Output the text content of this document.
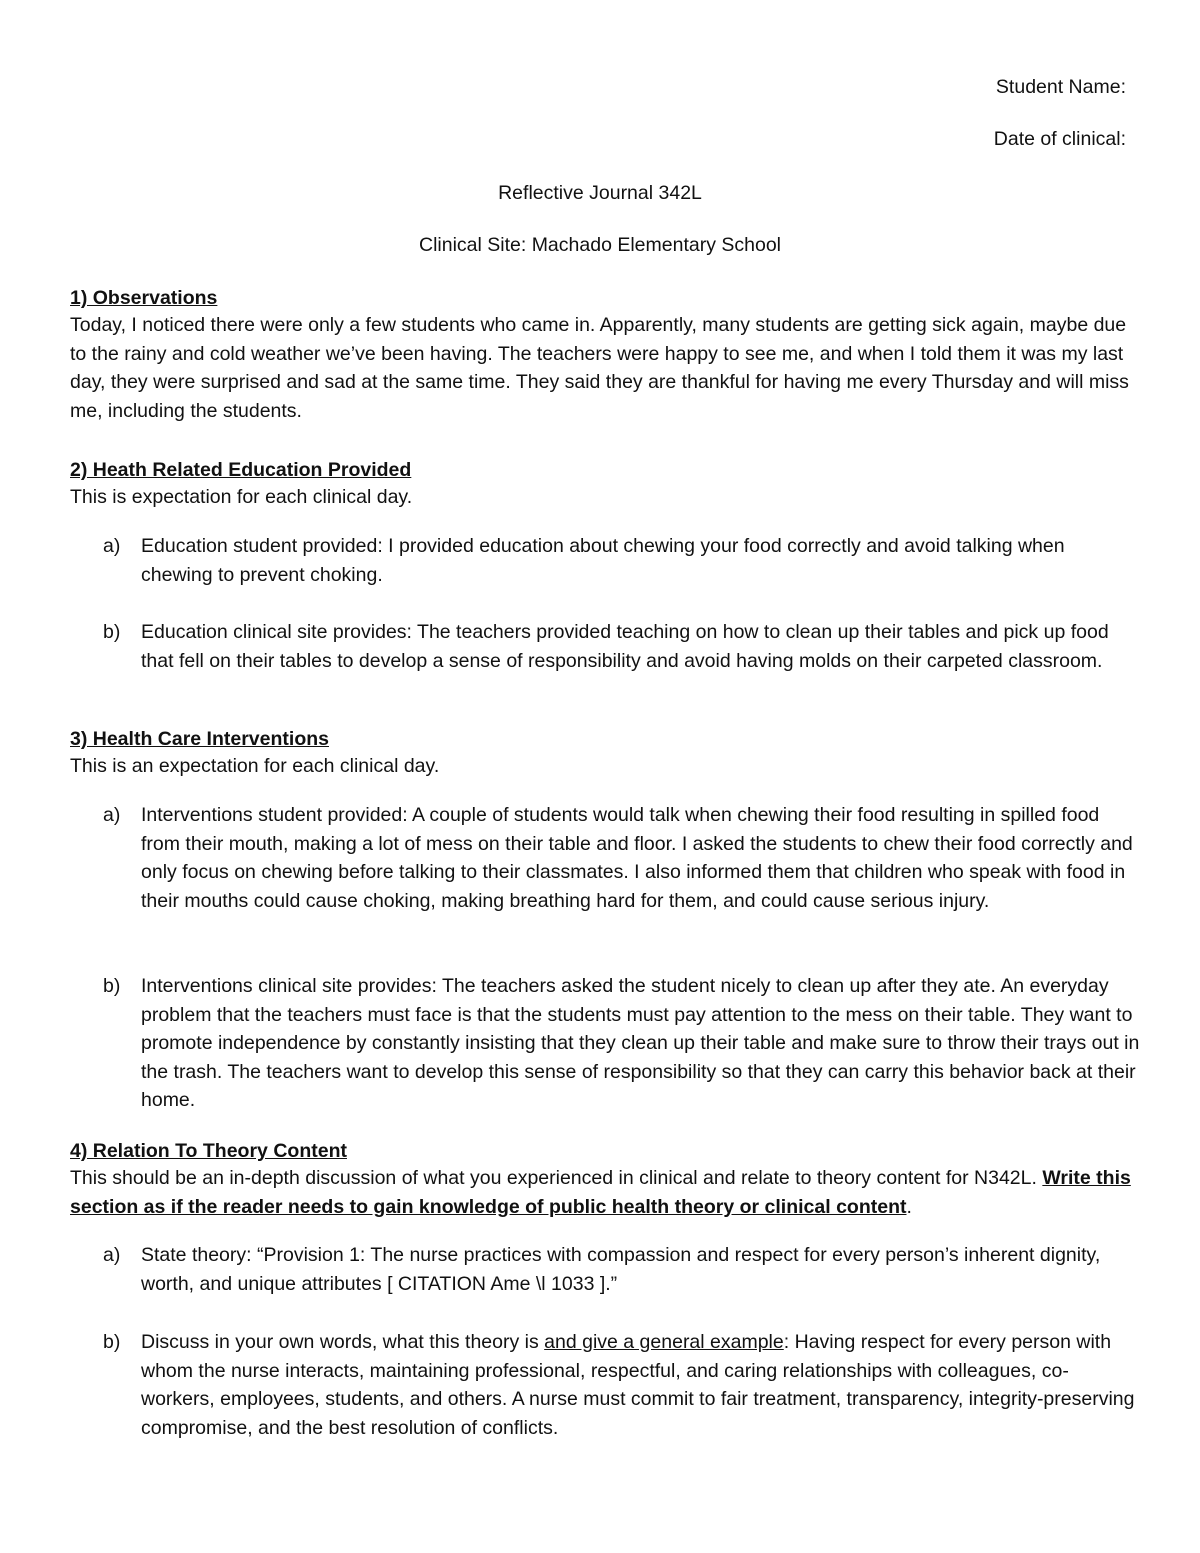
Student Name:
Date of clinical:
Reflective Journal 342L
Clinical Site: Machado Elementary School

1) Observations

Today, I noticed there were only a few students who came in. Apparently, many students are getting sick again, maybe due to the rainy and cold weather we’ve been having. The teachers were happy to see me, and when I told them it was my last day, they were surprised and sad at the same time. They said they are thankful for having me every Thursday and will miss me, including the students.

2) Heath Related Education Provided

This is expectation for each clinical day.

a) Education student provided: I provided education about chewing your food correctly and avoid talking when chewing to prevent choking.

b) Education clinical site provides: The teachers provided teaching on how to clean up their tables and pick up food that fell on their tables to develop a sense of responsibility and avoid having molds on their carpeted classroom.

3) Health Care Interventions

This is an expectation for each clinical day.

a) Interventions student provided: A couple of students would talk when chewing their food resulting in spilled food from their mouth, making a lot of mess on their table and floor. I asked the students to chew their food correctly and only focus on chewing before talking to their classmates. I also informed them that children who speak with food in their mouths could cause choking, making breathing hard for them, and could cause serious injury.

b) Interventions clinical site provides: The teachers asked the student nicely to clean up after they ate. An everyday problem that the teachers must face is that the students must pay attention to the mess on their table. They want to promote independence by constantly insisting that they clean up their table and make sure to throw their trays out in the trash. The teachers want to develop this sense of responsibility so that they can carry this behavior back at their home.

4) Relation To Theory Content

This should be an in-depth discussion of what you experienced in clinical and relate to theory content for N342L. Write this section as if the reader needs to gain knowledge of public health theory or clinical content.

a) State theory: “Provision 1: The nurse practices with compassion and respect for every person’s inherent dignity, worth, and unique attributes [ CITATION Ame \l 1033 ].”

b) Discuss in your own words, what this theory is and give a general example: Having respect for every person with whom the nurse interacts, maintaining professional, respectful, and caring relationships with colleagues, co-workers, employees, students, and others. A nurse must commit to fair treatment, transparency, integrity-preserving compromise, and the best resolution of conflicts.
